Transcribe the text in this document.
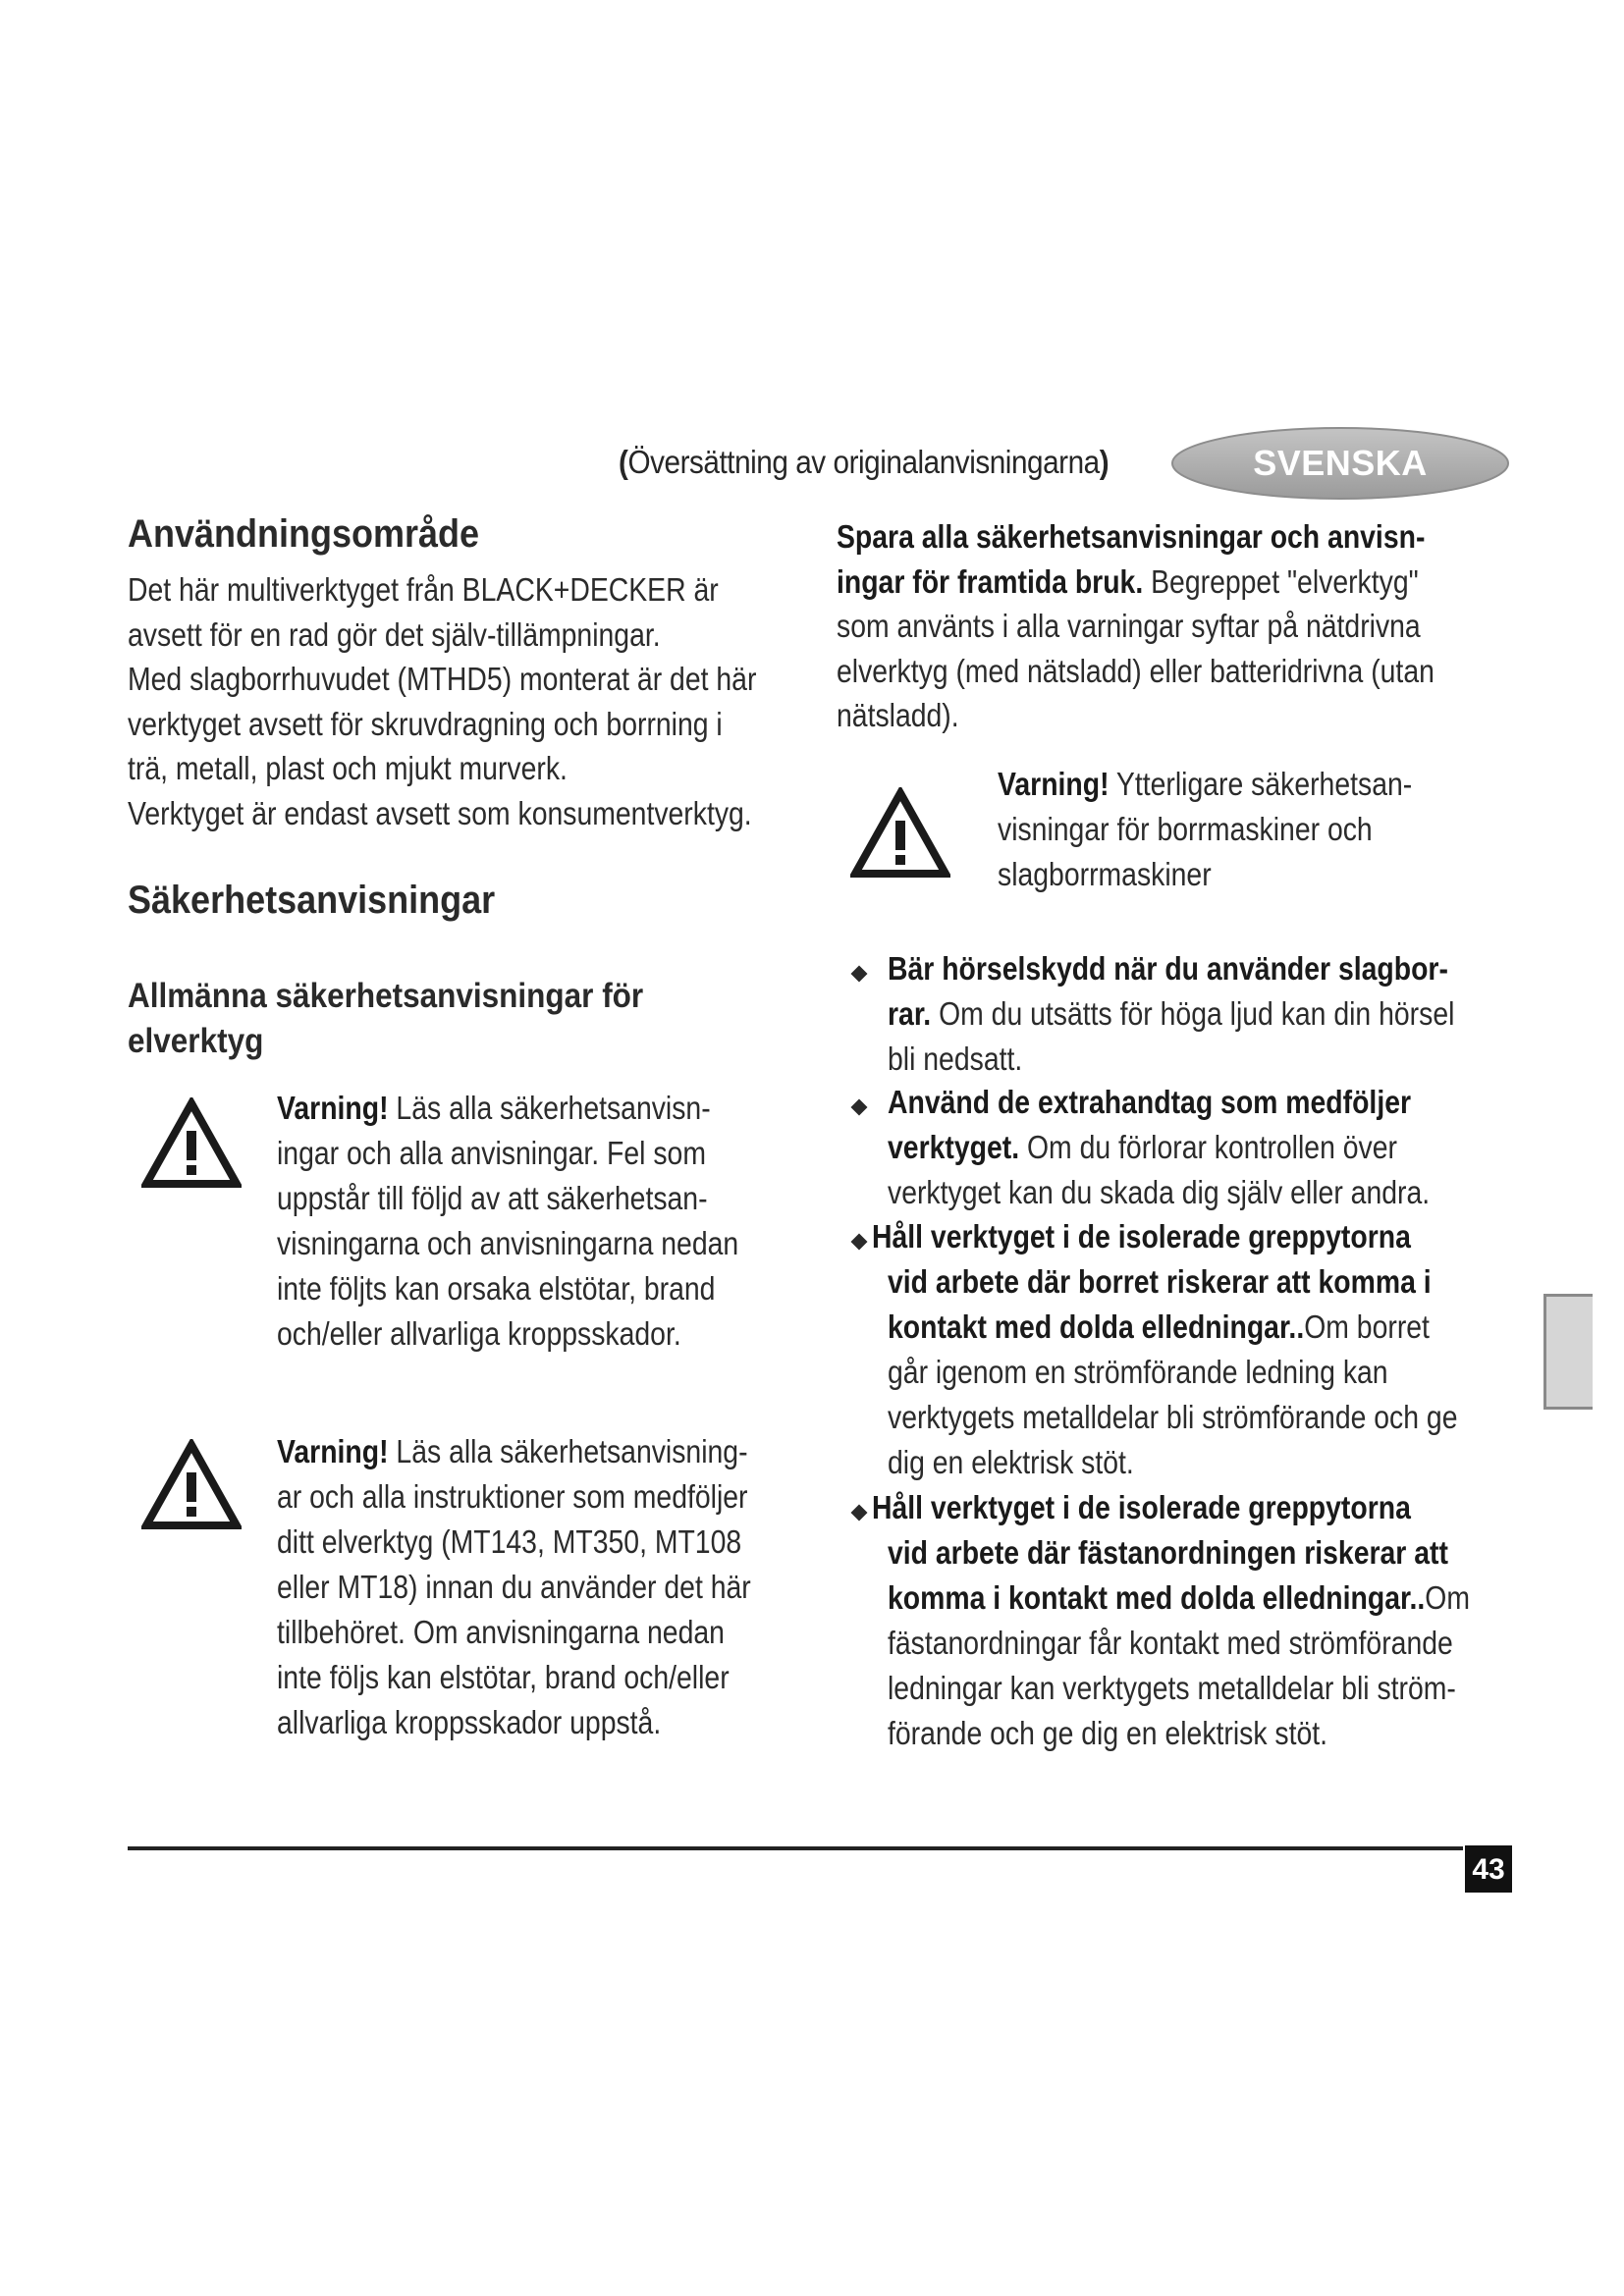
(Översättning av originalanvisningarna)	SVENSKA
Användningsområde
Det här multiverktyget från BLACK+DECKER är
avsett för en rad gör det själv-tillämpningar.
Med slagborrhuvudet (MTHD5) monterat är det här
verktyget avsett för skruvdragning och borrning i
trä, metall, plast och mjukt murverk.
Verktyget är endast avsett som konsumentverktyg.
Säkerhetsanvisningar
Allmänna säkerhetsanvisningar för
elverktyg
Varning! Läs alla säkerhetsanvisn-
ingar och alla anvisningar. Fel som
uppstår till följd av att säkerhetsan-
visningarna och anvisningarna nedan
inte följts kan orsaka elstötar, brand
och/eller allvarliga kroppsskador.
Varning! Läs alla säkerhetsanvisning-
ar och alla instruktioner som medföljer
ditt elverktyg (MT143, MT350, MT108
eller MT18) innan du använder det här
tillbehöret. Om anvisningarna nedan
inte följs kan elstötar, brand och/eller
allvarliga kroppsskador uppstå.
Spara alla säkerhetsanvisningar och anvisn-
ingar för framtida bruk. Begreppet "elverktyg"
som använts i alla varningar syftar på nätdrivna
elverktyg (med nätsladd) eller batteridrivna (utan
nätsladd).
Varning! Ytterligare säkerhetsan-
visningar för borrmaskiner och
slagborrmaskiner
Bär hörselskydd när du använder slagbor-
rar. Om du utsätts för höga ljud kan din hörsel
bli nedsatt.
Använd de extrahandtag som medföljer
verktyget. Om du förlorar kontrollen över
verktyget kan du skada dig själv eller andra.
Håll verktyget i de isolerade greppytorna
vid arbete där borret riskerar att komma i
kontakt med dolda elledningar..Om borret
går igenom en strömförande ledning kan
verktygets metalldelar bli strömförande och ge
dig en elektrisk stöt.
Håll verktyget i de isolerade greppytorna
vid arbete där fästanordningen riskerar att
komma i kontakt med dolda elledningar..Om
fästanordningar får kontakt med strömförande
ledningar kan verktygets metalldelar bli ström-
förande och ge dig en elektrisk stöt.
43
